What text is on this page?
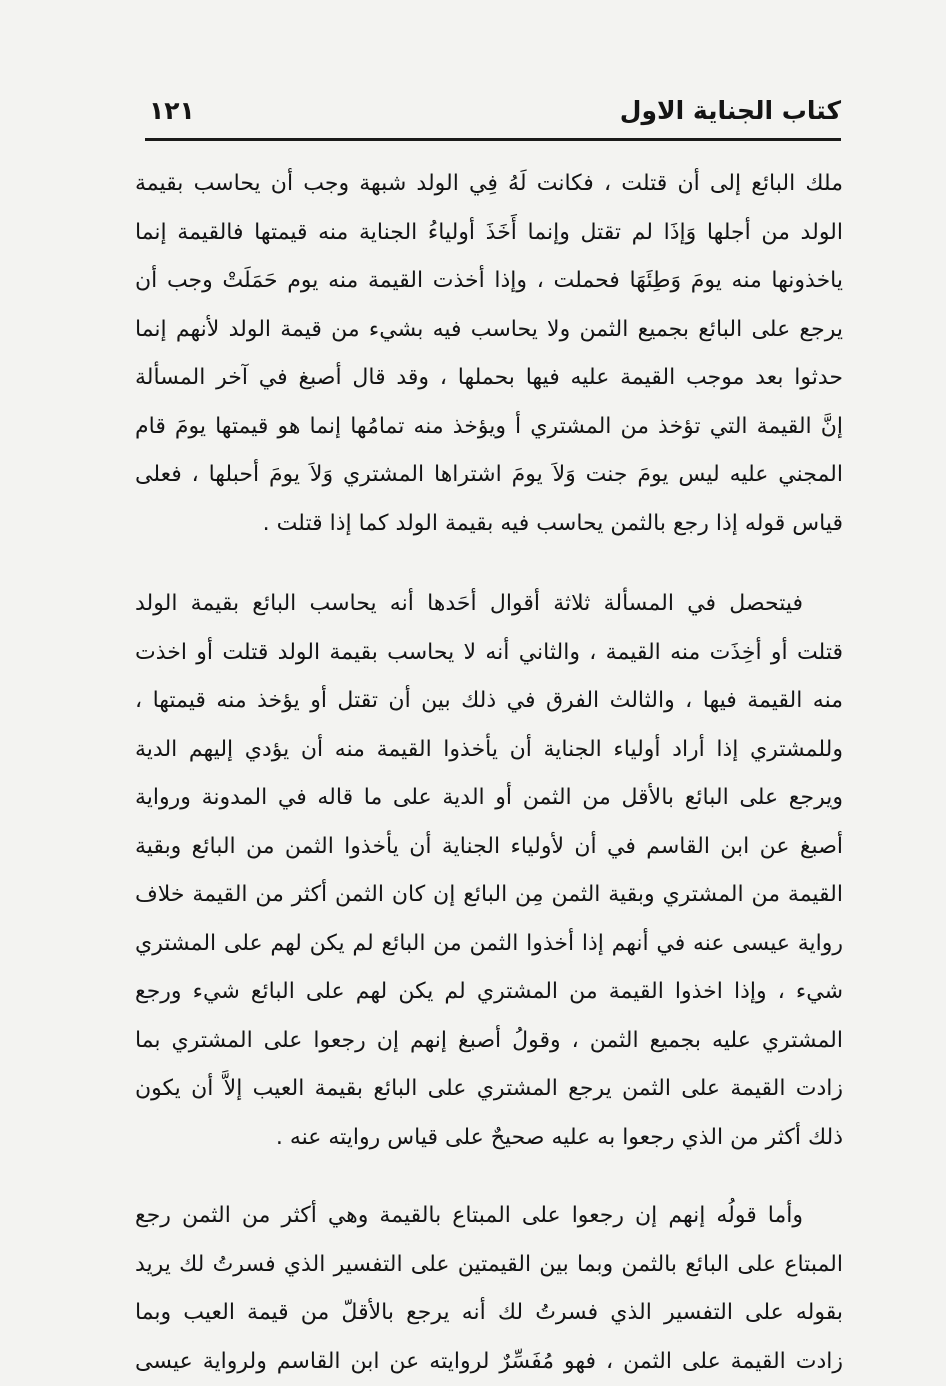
١٢١	كتاب الجناية الاول
ملك البائع إلى أن قتلت ، فكانت لَهُ فِي الولد شبهة وجب أن يحاسب بقيمة
الولد من أجلها وَإذَا لم تقتل وإنما أَخَذَ أولياءُ الجناية منه قيمتها فالقيمة إنما
ياخذونها منه يومَ وَطِئَهَا فحملت ، وإذا أخذت القيمة منه يوم حَمَلَتْ وجب أن
يرجع على البائع بجميع الثمن ولا يحاسب فيه بشيء من قيمة الولد لأنهم إنما
حدثوا بعد موجب القيمة عليه فيها بحملها ، وقد قال أصبغ في آخر المسألة
إنَّ القيمة التي تؤخذ من المشتري أ ويؤخذ منه تمامُها إنما هو قيمتها يومَ قام
المجني عليه ليس يومَ جنت وَلاَ يومَ اشتراها المشتري وَلاَ يومَ أحبلها ، فعلى
قياس قوله إذا رجع بالثمن يحاسب فيه بقيمة الولد كما إذا قتلت .
فيتحصل في المسألة ثلاثة أقوال أحَدها أنه يحاسب البائع بقيمة الولد
قتلت أو أخِذَت منه القيمة ، والثاني أنه لا يحاسب بقيمة الولد قتلت أو اخذت
منه القيمة فيها ، والثالث الفرق في ذلك بين أن تقتل أو يؤخذ منه قيمتها ،
وللمشتري إذا أراد أولياء الجناية أن يأخذوا القيمة منه أن يؤدي إليهم الدية
ويرجع على البائع بالأقل من الثمن أو الدية على ما قاله في المدونة ورواية
أصبغ عن ابن القاسم في أن لأولياء الجناية أن يأخذوا الثمن من البائع وبقية
القيمة من المشتري وبقية الثمن مِن البائع إن كان الثمن أكثر من القيمة خلاف
رواية عيسى عنه في أنهم إذا أخذوا الثمن من البائع لم يكن لهم على المشتري
شيء ، وإذا اخذوا القيمة من المشتري لم يكن لهم على البائع شيء ورجع
المشتري عليه بجميع الثمن ، وقولُ أصبغ إنهم إن رجعوا على المشتري بما
زادت القيمة على الثمن يرجع المشتري على البائع بقيمة العيب إلاَّ أن يكون
ذلك أكثر من الذي رجعوا به عليه صحيحٌ على قياس روايته عنه .
وأما قولُه إنهم إن رجعوا على المبتاع بالقيمة وهي أكثر من الثمن رجع
المبتاع على البائع بالثمن وبما بين القيمتين على التفسير الذي فسرتُ لك يريد
بقوله على التفسير الذي فسرتُ لك أنه يرجع بالأقلّ من قيمة العيب وبما
زادت القيمة على الثمن ، فهو مُفَسِّرٌ لروايته عن ابن القاسم ولرواية عيسى
